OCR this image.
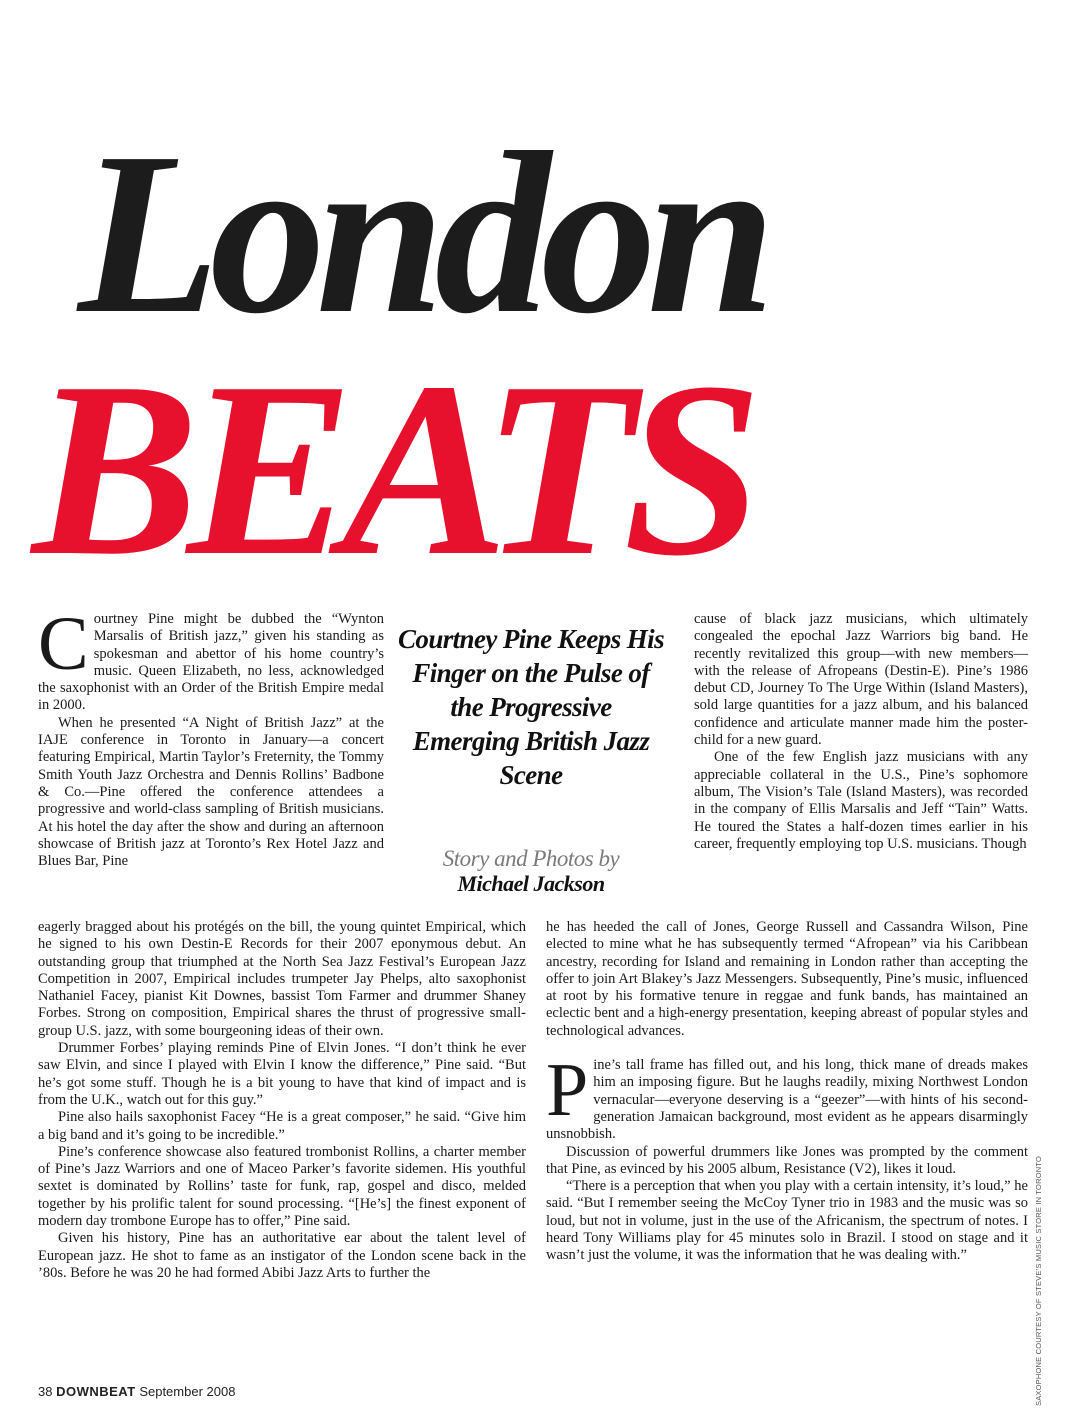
London
BEATS
Courtney Pine Keeps His Finger on the Pulse of the Progressive Emerging British Jazz Scene
Story and Photos by
Michael Jackson

Courtney Pine might be dubbed the “Wynton Marsalis of British jazz,” given his standing as spokesman and abettor of his home country’s music. Queen Elizabeth, no less, acknowledged the saxophonist with an Order of the British Empire medal in 2000.

When he presented “A Night of British Jazz” at the IAJE conference in Toronto in January—a concert featuring Empirical, Martin Taylor’s Freternity, the Tommy Smith Youth Jazz Orchestra and Dennis Rollins’ Badbone & Co.—Pine offered the conference attendees a progressive and world-class sampling of British musicians. At his hotel the day after the show and during an afternoon showcase of British jazz at Toronto’s Rex Hotel Jazz and Blues Bar, Pine

eagerly bragged about his protégés on the bill, the young quintet Empirical, which he signed to his own Destin-E Records for their 2007 eponymous debut. An outstanding group that triumphed at the North Sea Jazz Festival’s European Jazz Competition in 2007, Empirical includes trumpeter Jay Phelps, alto saxophonist Nathaniel Facey, pianist Kit Downes, bassist Tom Farmer and drummer Shaney Forbes. Strong on composition, Empirical shares the thrust of progressive small-group U.S. jazz, with some bourgeoning ideas of their own.

Drummer Forbes’ playing reminds Pine of Elvin Jones. “I don’t think he ever saw Elvin, and since I played with Elvin I know the difference,” Pine said. “But he’s got some stuff. Though he is a bit young to have that kind of impact and is from the U.K., watch out for this guy.”

Pine also hails saxophonist Facey “He is a great composer,” he said. “Give him a big band and it’s going to be incredible.”

Pine’s conference showcase also featured trombonist Rollins, a charter member of Pine’s Jazz Warriors and one of Maceo Parker’s favorite sidemen. His youthful sextet is dominated by Rollins’ taste for funk, rap, gospel and disco, melded together by his prolific talent for sound processing. “[He’s] the finest exponent of modern day trombone Europe has to offer,” Pine said.

Given his history, Pine has an authoritative ear about the talent level of European jazz. He shot to fame as an instigator of the London scene back in the ’80s. Before he was 20 he had formed Abibi Jazz Arts to further the

cause of black jazz musicians, which ultimately congealed the epochal Jazz Warriors big band. He recently revitalized this group—with new members—with the release of Afropeans (Destin-E). Pine’s 1986 debut CD, Journey To The Urge Within (Island Masters), sold large quantities for a jazz album, and his balanced confidence and articulate manner made him the poster-child for a new guard.

One of the few English jazz musicians with any appreciable collateral in the U.S., Pine’s sophomore album, The Vision’s Tale (Island Masters), was recorded in the company of Ellis Marsalis and Jeff “Tain” Watts. He toured the States a half-dozen times earlier in his career, frequently employing top U.S. musicians. Though

he has heeded the call of Jones, George Russell and Cassandra Wilson, Pine elected to mine what he has subsequently termed “Afropean” via his Caribbean ancestry, recording for Island and remaining in London rather than accepting the offer to join Art Blakey’s Jazz Messengers. Subsequently, Pine’s music, influenced at root by his formative tenure in reggae and funk bands, has maintained an eclectic bent and a high-energy presentation, keeping abreast of popular styles and technological advances.

Pine’s tall frame has filled out, and his long, thick mane of dreads makes him an imposing figure. But he laughs readily, mixing Northwest London vernacular—everyone deserving is a “geezer”—with hints of his second-generation Jamaican background, most evident as he appears disarmingly unsnobbish.

Discussion of powerful drummers like Jones was prompted by the comment that Pine, as evinced by his 2005 album, Resistance (V2), likes it loud.

“There is a perception that when you play with a certain intensity, it’s loud,” he said. “But I remember seeing the McCoy Tyner trio in 1983 and the music was so loud, but not in volume, just in the use of the Africanism, the spectrum of notes. I heard Tony Williams play for 45 minutes solo in Brazil. I stood on stage and it wasn’t just the volume, it was the information that he was dealing with.”

38 DOWNBEAT September 2008	SAXOPHONE COURTESY OF STEVE’S MUSIC STORE IN TORONTO
